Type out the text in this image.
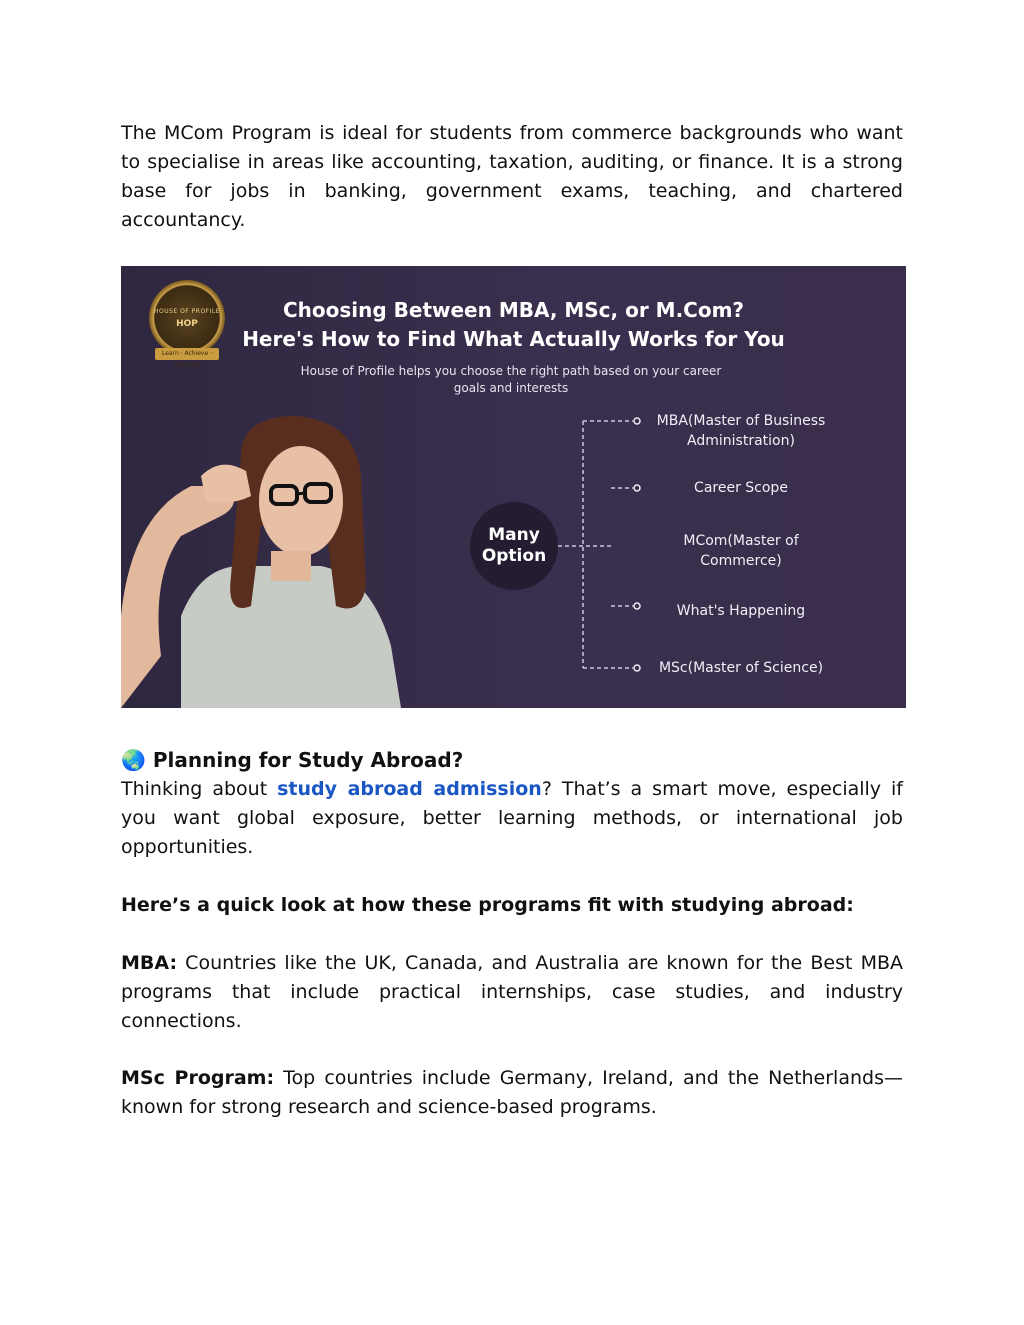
The MCom Program is ideal for students from commerce backgrounds who want to specialise in areas like accounting, taxation, auditing, or finance. It is a strong base for jobs in banking, government exams, teaching, and chartered accountancy.

HOUSE OF PROFILE
HOP
Learn · Achieve · Succeed
Choosing Between MBA, MSc, or M.Com?
Here's How to Find What Actually Works for You
House of Profile helps you choose the right path based on your career goals and interests
Many Option
MBA(Master of Business Administration)
Career Scope
MCom(Master of Commerce)
What's Happening
MSc(Master of Science)
🌏 Planning for Study Abroad?

Thinking about study abroad admission? That’s a smart move, especially if you want global exposure, better learning methods, or international job opportunities.

Here’s a quick look at how these programs fit with studying abroad:

MBA: Countries like the UK, Canada, and Australia are known for the Best MBA programs that include practical internships, case studies, and industry connections.

MSc Program: Top countries include Germany, Ireland, and the Netherlands—known for strong research and science-based programs.
